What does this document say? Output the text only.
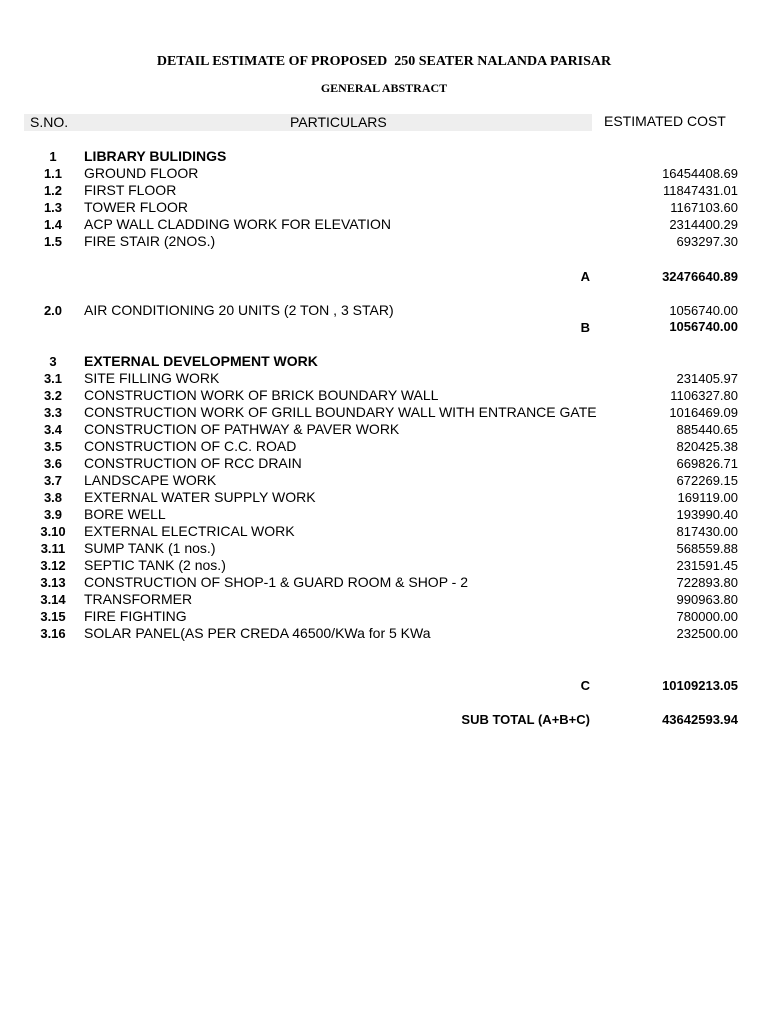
DETAIL ESTIMATE OF PROPOSED  250 SEATER NALANDA PARISAR
GENERAL ABSTRACT
S.NO.	PARTICULARS	ESTIMATED COST
1	LIBRARY BULIDINGS
1.1	GROUND FLOOR	16454408.69
1.2	FIRST FLOOR	11847431.01
1.3	TOWER FLOOR	1167103.60
1.4	ACP WALL CLADDING WORK FOR ELEVATION	2314400.29
1.5	FIRE STAIR (2NOS.)	693297.30
A	32476640.89
2.0	AIR CONDITIONING 20 UNITS (2 TON , 3 STAR)	1056740.00
B	1056740.00
3	EXTERNAL DEVELOPMENT WORK
3.1	SITE FILLING WORK	231405.97
3.2	CONSTRUCTION WORK OF BRICK BOUNDARY WALL	1106327.80
3.3	CONSTRUCTION WORK OF GRILL BOUNDARY WALL WITH ENTRANCE GATE	1016469.09
3.4	CONSTRUCTION OF PATHWAY & PAVER WORK	885440.65
3.5	CONSTRUCTION OF C.C. ROAD	820425.38
3.6	CONSTRUCTION OF RCC DRAIN	669826.71
3.7	LANDSCAPE WORK	672269.15
3.8	EXTERNAL WATER SUPPLY WORK	169119.00
3.9	BORE WELL	193990.40
3.10	EXTERNAL ELECTRICAL WORK	817430.00
3.11	SUMP TANK (1 nos.)	568559.88
3.12	SEPTIC TANK (2 nos.)	231591.45
3.13	CONSTRUCTION OF SHOP-1 & GUARD ROOM & SHOP - 2	722893.80
3.14	TRANSFORMER	990963.80
3.15	FIRE FIGHTING	780000.00
3.16	SOLAR PANEL(AS PER CREDA 46500/KWa for 5 KWa	232500.00
C	10109213.05
SUB TOTAL (A+B+C)	43642593.94
